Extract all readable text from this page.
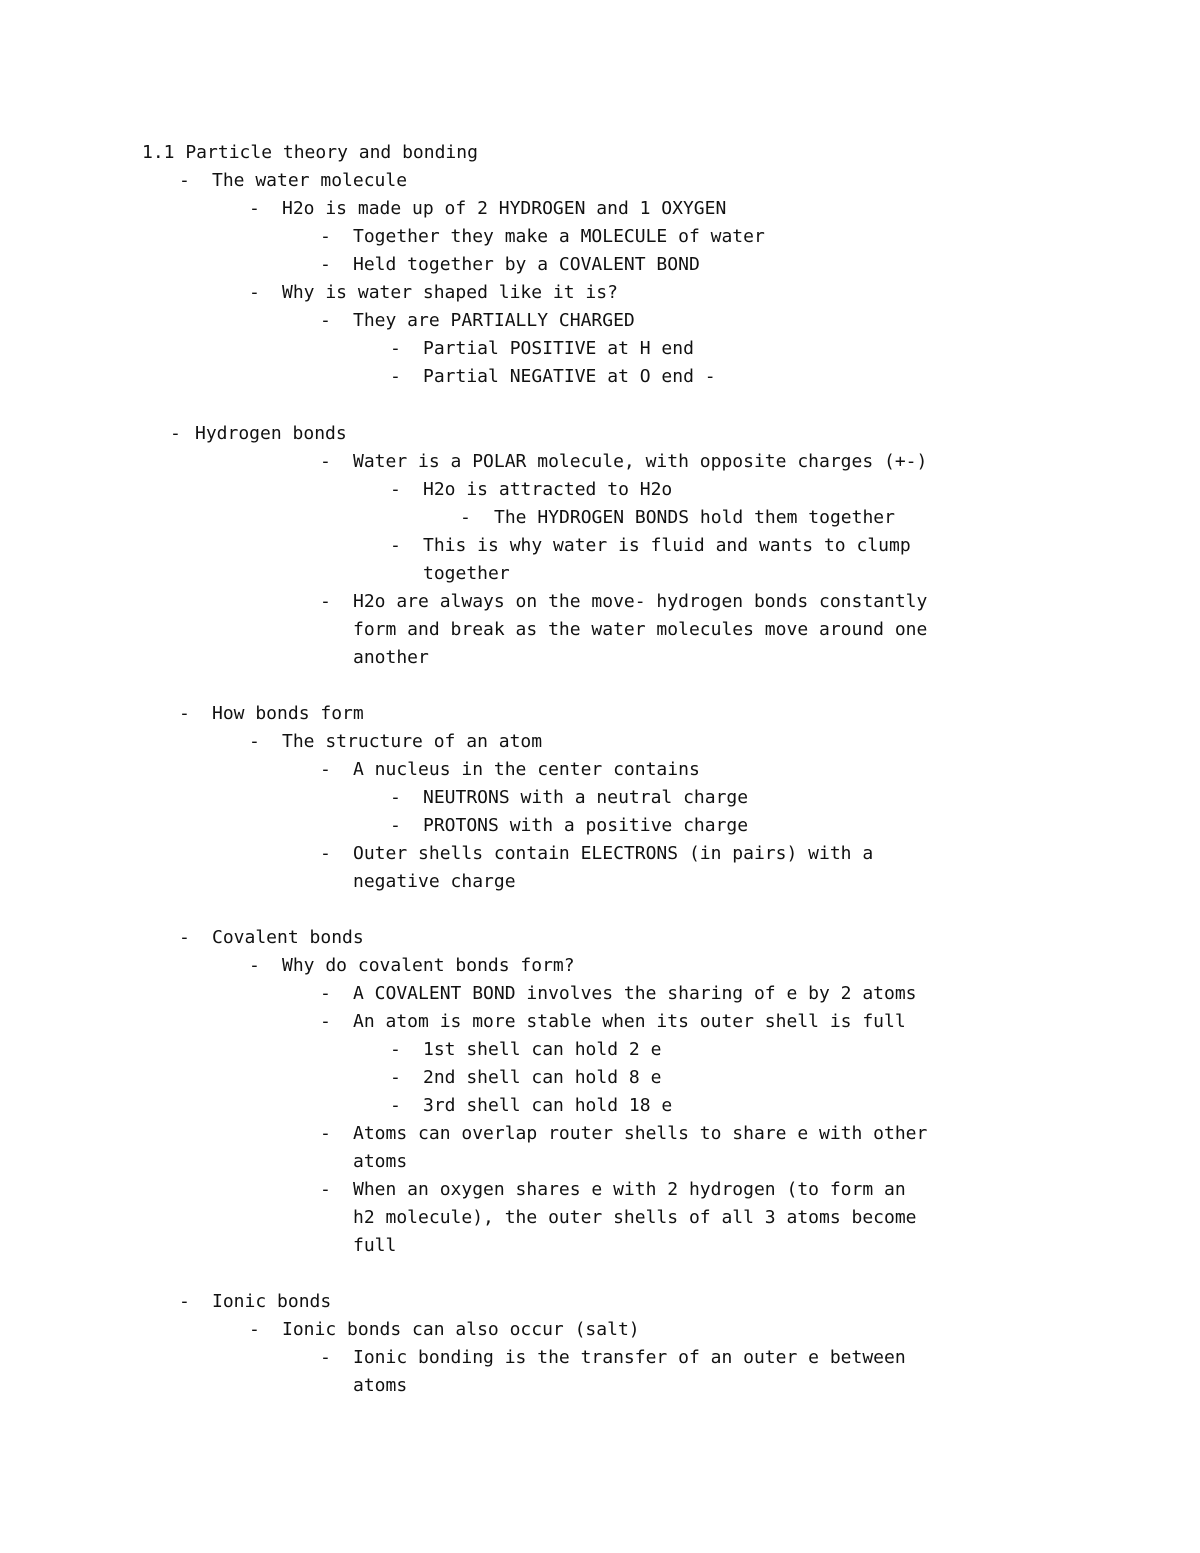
1.1 Particle theory and bonding
- The water molecule
- H2o is made up of 2 HYDROGEN and 1 OXYGEN
- Together they make a MOLECULE of water
- Held together by a COVALENT BOND
- Why is water shaped like it is?
- They are PARTIALLY CHARGED
- Partial POSITIVE at H end
- Partial NEGATIVE at O end -
- Hydrogen bonds
- Water is a POLAR molecule, with opposite charges (+-)
- H2o is attracted to H2o
- The HYDROGEN BONDS hold them together
- This is why water is fluid and wants to clump
together
- H2o are always on the move- hydrogen bonds constantly
form and break as the water molecules move around one
another
- How bonds form
- The structure of an atom
- A nucleus in the center contains
- NEUTRONS with a neutral charge
- PROTONS with a positive charge
- Outer shells contain ELECTRONS (in pairs) with a
negative charge
- Covalent bonds
- Why do covalent bonds form?
- A COVALENT BOND involves the sharing of e by 2 atoms
- An atom is more stable when its outer shell is full
- 1st shell can hold 2 e
- 2nd shell can hold 8 e
- 3rd shell can hold 18 e
- Atoms can overlap router shells to share e with other
atoms
- When an oxygen shares e with 2 hydrogen (to form an
h2 molecule), the outer shells of all 3 atoms become
full
- Ionic bonds
- Ionic bonds can also occur (salt)
- Ionic bonding is the transfer of an outer e between
atoms
